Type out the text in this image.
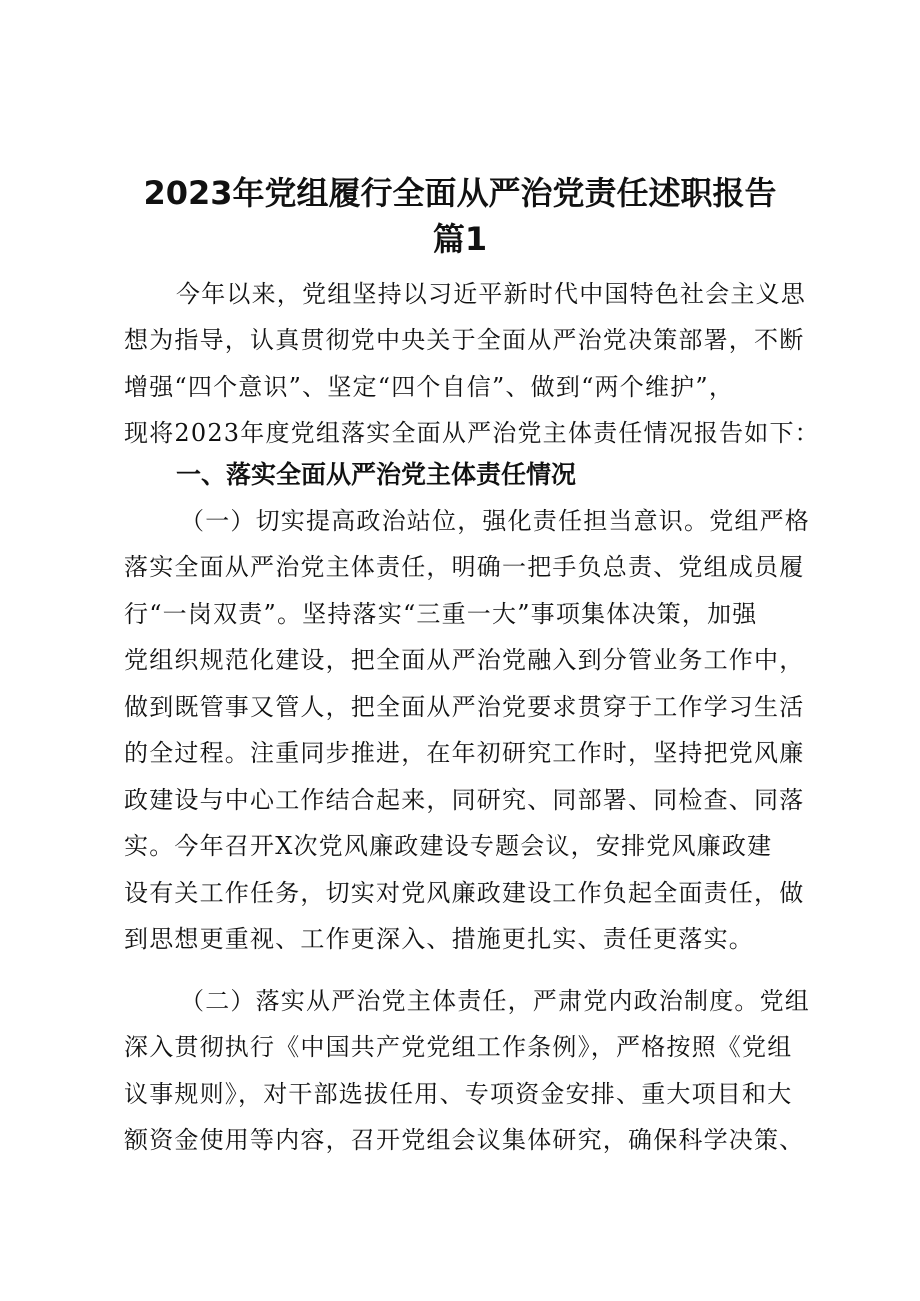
2023年党组履行全面从严治党责任述职报告
篇1
今年以来，党组坚持以习近平新时代中国特色社会主义思
想为指导，认真贯彻党中央关于全面从严治党决策部署，不断
增强“四个意识”、坚定“四个自信”、做到“两个维护”，
现将2023年度党组落实全面从严治党主体责任情况报告如下：
一、落实全面从严治党主体责任情况
（一）切实提高政治站位，强化责任担当意识。党组严格
落实全面从严治党主体责任，明确一把手负总责、党组成员履
行“一岗双责”。坚持落实“三重一大”事项集体决策，加强
党组织规范化建设，把全面从严治党融入到分管业务工作中，
做到既管事又管人，把全面从严治党要求贯穿于工作学习生活
的全过程。注重同步推进，在年初研究工作时，坚持把党风廉
政建设与中心工作结合起来，同研究、同部署、同检查、同落
实。今年召开X次党风廉政建设专题会议，安排党风廉政建
设有关工作任务，切实对党风廉政建设工作负起全面责任，做
到思想更重视、工作更深入、措施更扎实、责任更落实。
（二）落实从严治党主体责任，严肃党内政治制度。党组
深入贯彻执行《中国共产党党组工作条例》，严格按照《党组
议事规则》，对干部选拔任用、专项资金安排、重大项目和大
额资金使用等内容，召开党组会议集体研究，确保科学决策、
